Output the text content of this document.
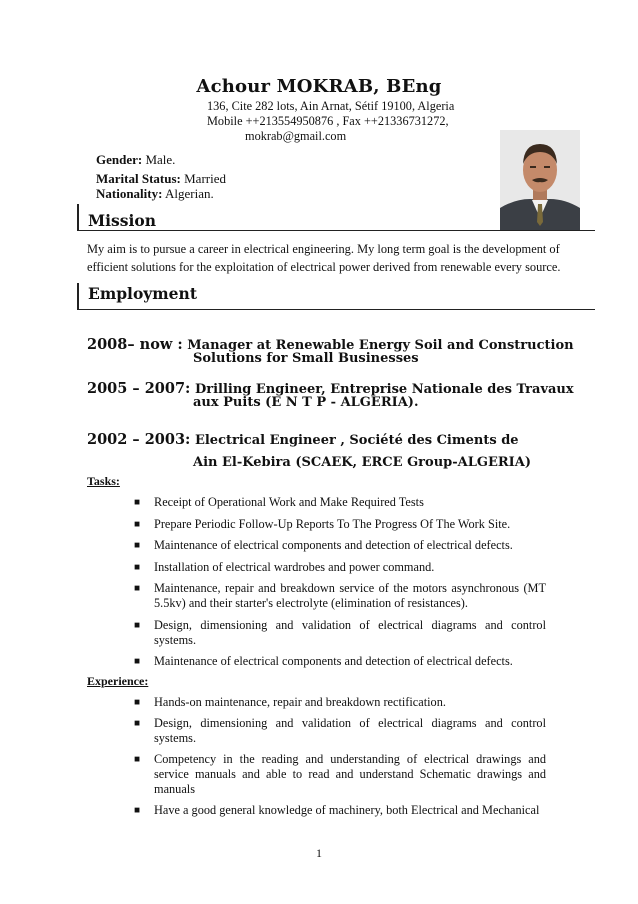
Achour MOKRAB, BEng
136, Cite 282 lots, Ain Arnat, Sétif 19100, Algeria
Mobile ++213554950876 , Fax ++21336731272,
mokrab@gmail.com
Gender: Male.
Marital Status: Married
Nationality: Algerian.
Mission
My aim is to pursue a career in electrical engineering. My long term goal is the development of
efficient solutions for the exploitation of electrical power derived from renewable every source.
Employment
2008– now : Manager at Renewable Energy Soil and Construction
Solutions for Small Businesses
2005 – 2007: Drilling Engineer, Entreprise Nationale des Travaux
aux Puits (E N T P - ALGERIA).
2002 – 2003: Electrical Engineer , Société des Ciments de
Ain El-Kebira (SCAEK, ERCE Group-ALGERIA)
Tasks:
■ Receipt of Operational Work and Make Required Tests
■ Prepare Periodic Follow-Up Reports To The Progress Of The Work Site.
■ Maintenance of electrical components and detection of electrical defects.
■ Installation of electrical wardrobes and power command.
■ Maintenance, repair and breakdown service of the motors asynchronous (MT 5.5kv) and their starter's electrolyte (elimination of resistances).
■ Design, dimensioning and validation of electrical diagrams and control systems.
■ Maintenance of electrical components and detection of electrical defects.
Experience:
■ Hands-on maintenance, repair and breakdown rectification.
■ Design, dimensioning and validation of electrical diagrams and control systems.
■ Competency in the reading and understanding of electrical drawings and service manuals and able to read and understand Schematic drawings and manuals
■ Have a good general knowledge of machinery, both Electrical and Mechanical
1
